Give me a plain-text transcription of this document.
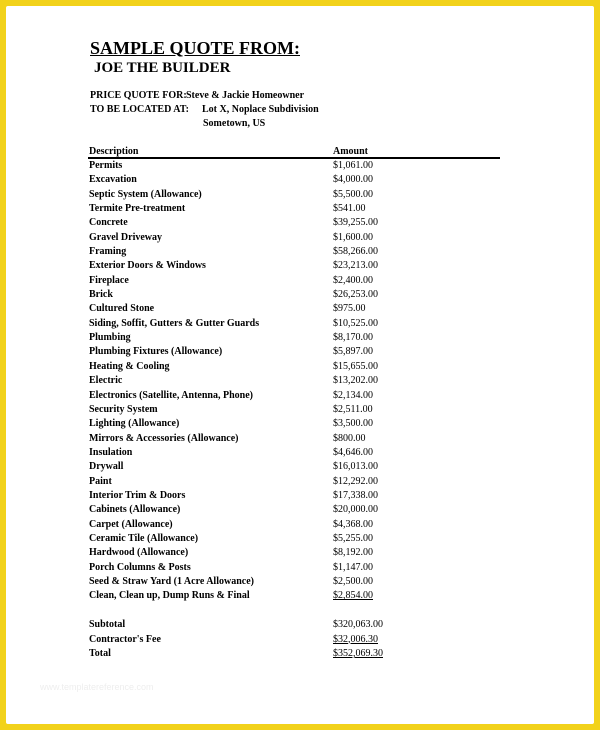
SAMPLE QUOTE FROM:
JOE THE BUILDER
PRICE QUOTE FOR: Steve & Jackie Homeowner
TO BE LOCATED AT: Lot X, Noplace Subdivision
Sometown, US
Description	Amount
Permits	$1,061.00
Excavation	$4,000.00
Septic System (Allowance)	$5,500.00
Termite Pre-treatment	$541.00
Concrete	$39,255.00
Gravel Driveway	$1,600.00
Framing	$58,266.00
Exterior Doors & Windows	$23,213.00
Fireplace	$2,400.00
Brick	$26,253.00
Cultured Stone	$975.00
Siding, Soffit, Gutters & Gutter Guards	$10,525.00
Plumbing	$8,170.00
Plumbing Fixtures (Allowance)	$5,897.00
Heating & Cooling	$15,655.00
Electric	$13,202.00
Electronics (Satellite, Antenna, Phone)	$2,134.00
Security System	$2,511.00
Lighting (Allowance)	$3,500.00
Mirrors & Accessories (Allowance)	$800.00
Insulation	$4,646.00
Drywall	$16,013.00
Paint	$12,292.00
Interior Trim & Doors	$17,338.00
Cabinets (Allowance)	$20,000.00
Carpet (Allowance)	$4,368.00
Ceramic Tile (Allowance)	$5,255.00
Hardwood (Allowance)	$8,192.00
Porch Columns & Posts	$1,147.00
Seed & Straw Yard (1 Acre Allowance)	$2,500.00
Clean, Clean up, Dump Runs & Final	$2,854.00
Subtotal	$320,063.00
Contractor's Fee	$32,006.30
Total	$352,069.30
www.templatereference.com
